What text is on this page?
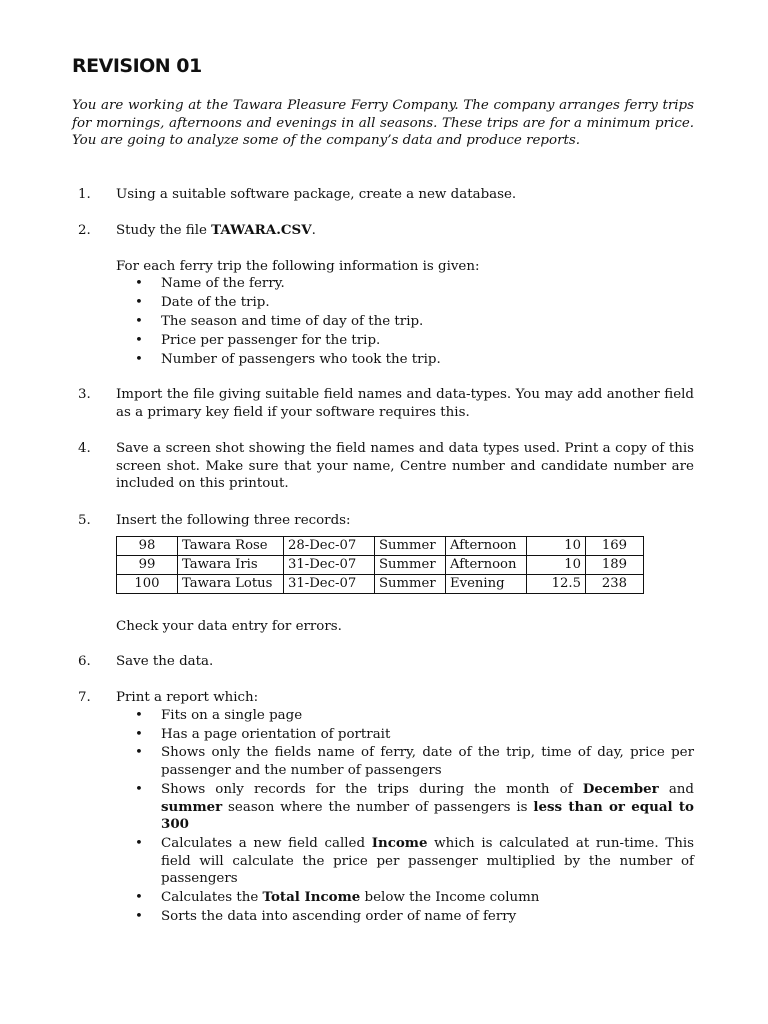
REVISION 01

You are working at the Tawara Pleasure Ferry Company. The company arranges ferry trips for mornings, afternoons and evenings in all seasons. These trips are for a minimum price. You are going to analyze some of the company’s data and produce reports.

1. Using a suitable software package, create a new database.
2. Study the file TAWARA.CSV.
For each ferry trip the following information is given:
• Name of the ferry.
• Date of the trip.
• The season and time of day of the trip.
• Price per passenger for the trip.
• Number of passengers who took the trip.
3. Import the file giving suitable field names and data-types. You may add another field as a primary key field if your software requires this.
4. Save a screen shot showing the field names and data types used. Print a copy of this screen shot. Make sure that your name, Centre number and candidate number are included on this printout.
5. Insert the following three records:
98	Tawara Rose	28-Dec-07	Summer	Afternoon	10	169
99	Tawara Iris	31-Dec-07	Summer	Afternoon	10	189
100	Tawara Lotus	31-Dec-07	Summer	Evening	12.5	238
Check your data entry for errors.
6. Save the data.
7. Print a report which:
• Fits on a single page
• Has a page orientation of portrait
• Shows only the fields name of ferry, date of the trip, time of day, price per passenger and the number of passengers
• Shows only records for the trips during the month of December and summer season where the number of passengers is less than or equal to 300
• Calculates a new field called Income which is calculated at run-time. This field will calculate the price per passenger multiplied by the number of passengers
• Calculates the Total Income below the Income column
• Sorts the data into ascending order of name of ferry
